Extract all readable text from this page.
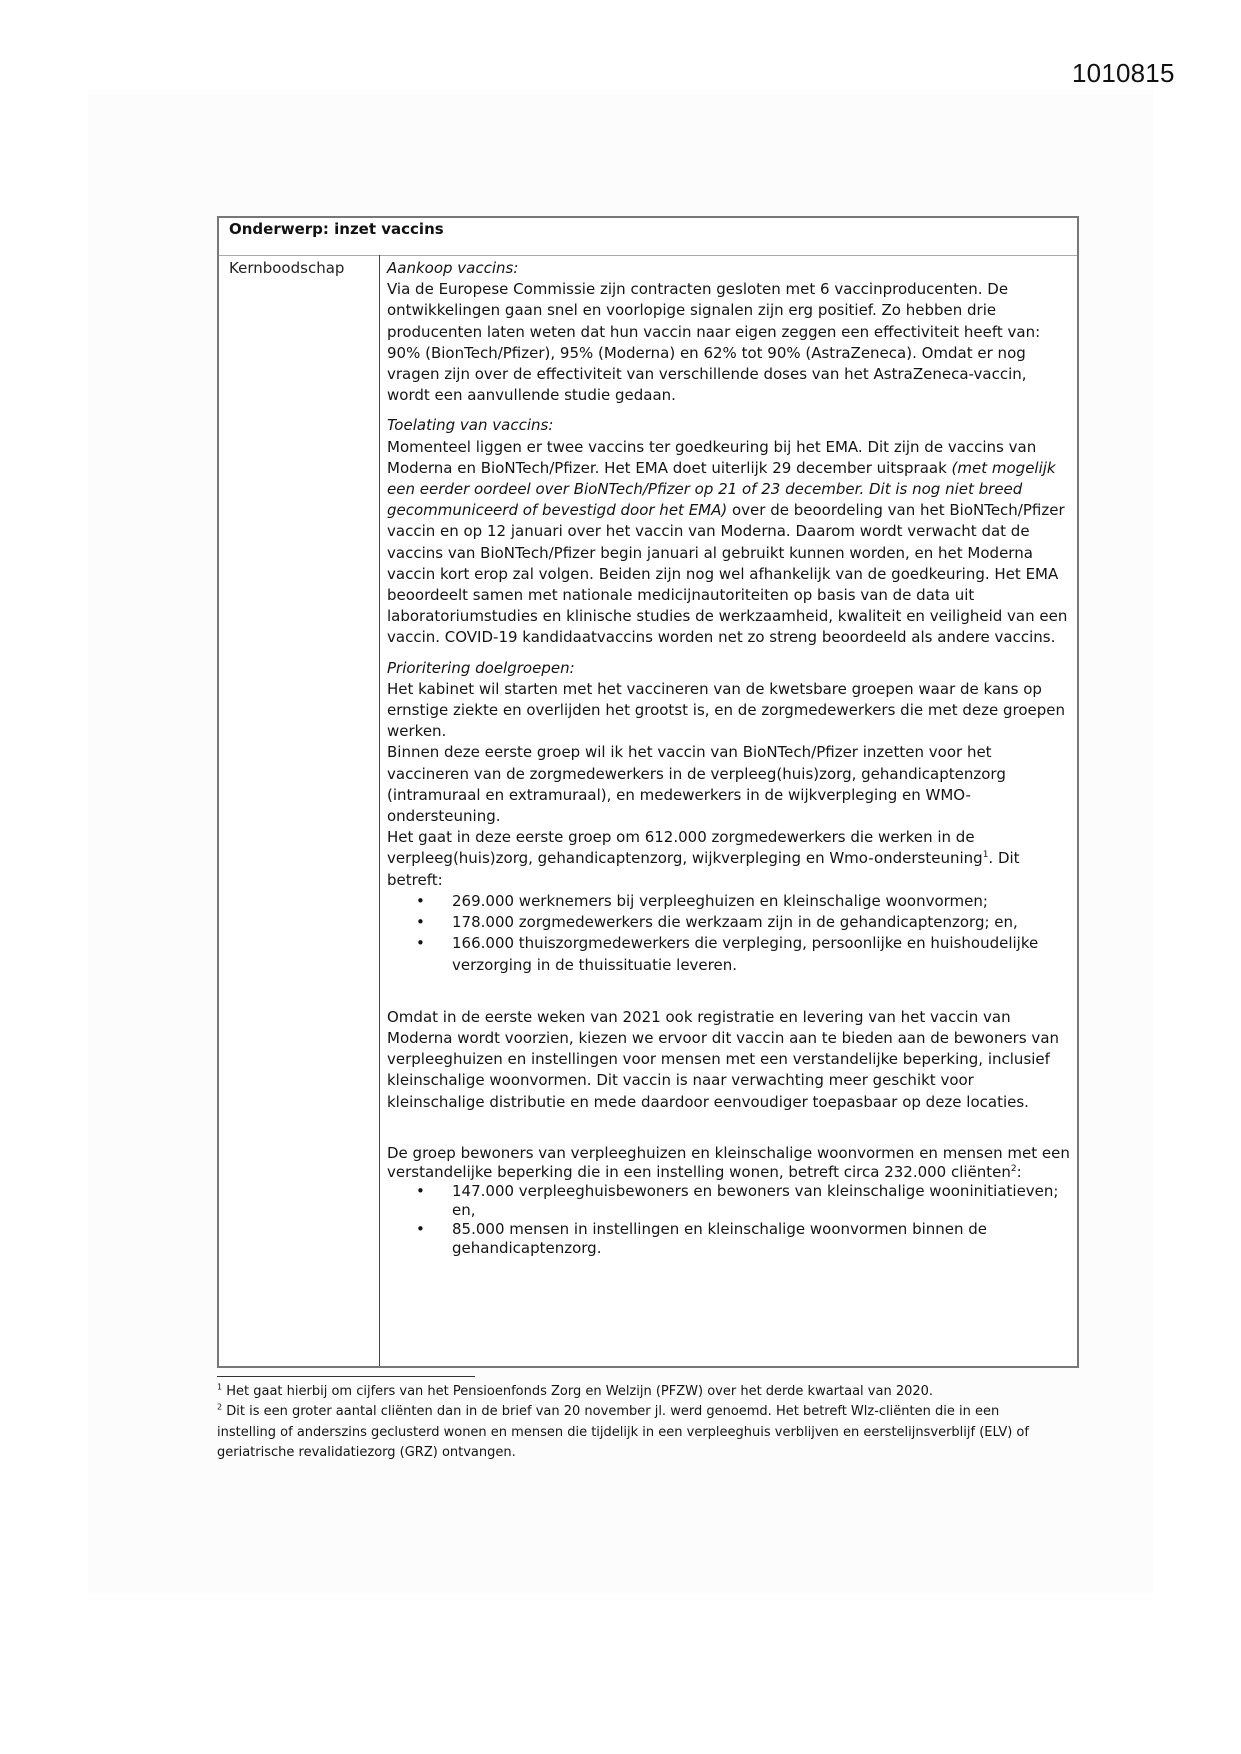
1010815
Onderwerp: inzet vaccins
Kernboodschap	Aankoop vaccins:

Via de Europese Commissie zijn contracten gesloten met 6 vaccinproducenten. De ontwikkelingen gaan snel en voorlopige signalen zijn erg positief. Zo hebben drie producenten laten weten dat hun vaccin naar eigen zeggen een effectiviteit heeft van: 90% (BionTech/Pfizer), 95% (Moderna) en 62% tot 90% (AstraZeneca). Omdat er nog vragen zijn over de effectiviteit van verschillende doses van het AstraZeneca-vaccin, wordt een aanvullende studie gedaan.

Toelating van vaccins:

Momenteel liggen er twee vaccins ter goedkeuring bij het EMA. Dit zijn de vaccins van Moderna en BioNTech/Pfizer. Het EMA doet uiterlijk 29 december uitspraak (met mogelijk een eerder oordeel over BioNTech/Pfizer op 21 of 23 december. Dit is nog niet breed gecommuniceerd of bevestigd door het EMA) over de beoordeling van het BioNTech/Pfizer vaccin en op 12 januari over het vaccin van Moderna. Daarom wordt verwacht dat de vaccins van BioNTech/Pfizer begin januari al gebruikt kunnen worden, en het Moderna vaccin kort erop zal volgen. Beiden zijn nog wel afhankelijk van de goedkeuring. Het EMA beoordeelt samen met nationale medicijnautoriteiten op basis van de data uit laboratoriumstudies en klinische studies de werkzaamheid, kwaliteit en veiligheid van een vaccin. COVID-19 kandidaatvaccins worden net zo streng beoordeeld als andere vaccins.

Prioritering doelgroepen:

Het kabinet wil starten met het vaccineren van de kwetsbare groepen waar de kans op ernstige ziekte en overlijden het grootst is, en de zorgmedewerkers die met deze groepen werken.

Binnen deze eerste groep wil ik het vaccin van BioNTech/Pfizer inzetten voor het vaccineren van de zorgmedewerkers in de verpleeg(huis)zorg, gehandicaptenzorg (intramuraal en extramuraal), en medewerkers in de wijkverpleging en WMO-ondersteuning.

Het gaat in deze eerste groep om 612.000 zorgmedewerkers die werken in de verpleeg(huis)zorg, gehandicaptenzorg, wijkverpleging en Wmo-ondersteuning$^1$. Dit betreft:

• 269.000 werknemers bij verpleeghuizen en kleinschalige woonvormen;
• 178.000 zorgmedewerkers die werkzaam zijn in de gehandicaptenzorg; en,
• 166.000 thuiszorgmedewerkers die verpleging, persoonlijke en huishoudelijke verzorging in de thuissituatie leveren.

Omdat in de eerste weken van 2021 ook registratie en levering van het vaccin van Moderna wordt voorzien, kiezen we ervoor dit vaccin aan te bieden aan de bewoners van verpleeghuizen en instellingen voor mensen met een verstandelijke beperking, inclusief kleinschalige woonvormen. Dit vaccin is naar verwachting meer geschikt voor kleinschalige distributie en mede daardoor eenvoudiger toepasbaar op deze locaties.

De groep bewoners van verpleeghuizen en kleinschalige woonvormen en mensen met een verstandelijke beperking die in een instelling wonen, betreft circa 232.000 cliënten$^2$:

• 147.000 verpleeghuisbewoners en bewoners van kleinschalige wooninitiatieven; en,
• 85.000 mensen in instellingen en kleinschalige woonvormen binnen de gehandicaptenzorg.

$^1$ Het gaat hierbij om cijfers van het Pensioenfonds Zorg en Welzijn (PFZW) over het derde kwartaal van 2020.

$^2$ Dit is een groter aantal cliënten dan in de brief van 20 november jl. werd genoemd. Het betreft Wlz-cliënten die in een instelling of anderszins geclusterd wonen en mensen die tijdelijk in een verpleeghuis verblijven en eerstelijnsverblijf (ELV) of geriatrische revalidatiezorg (GRZ) ontvangen.
